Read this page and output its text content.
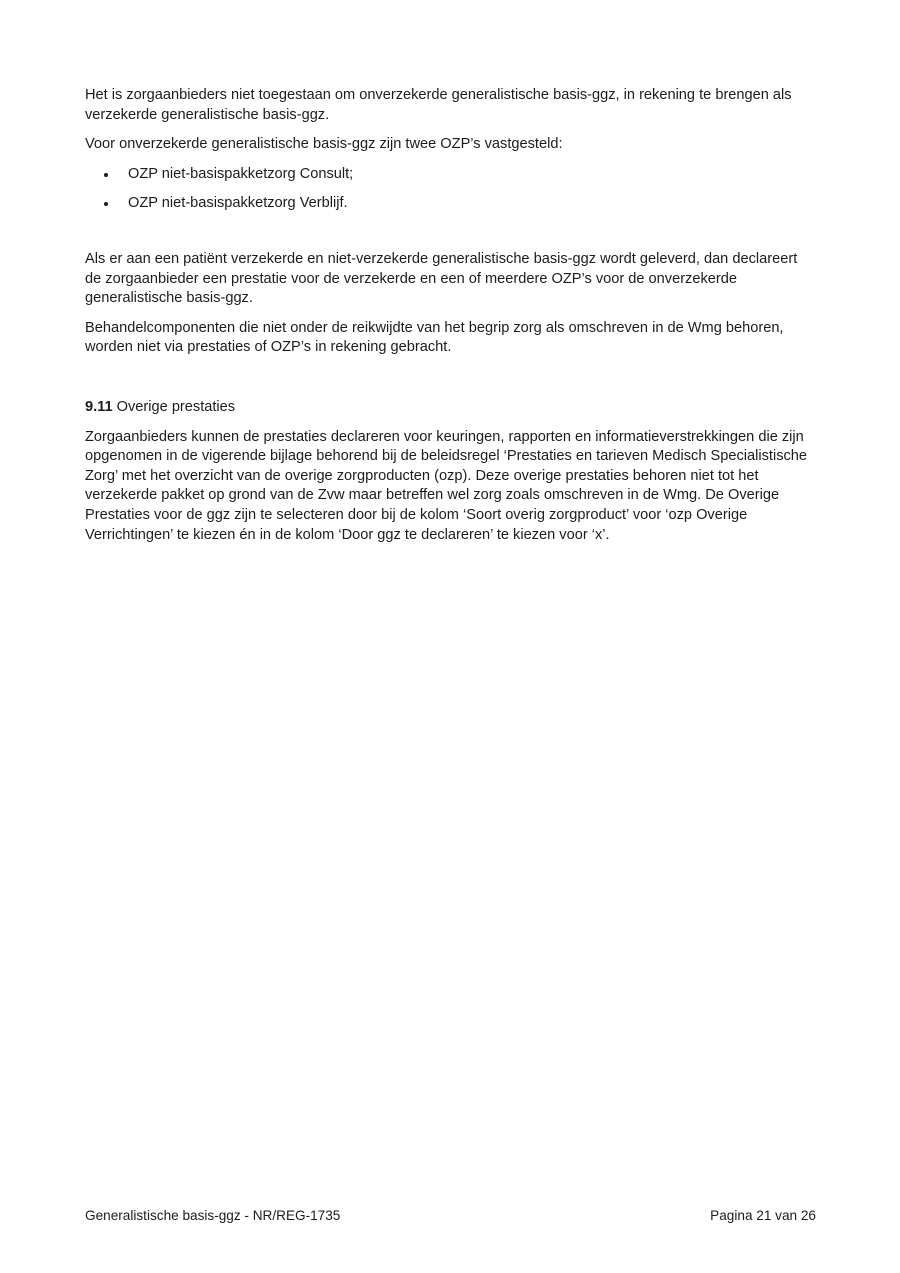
Het is zorgaanbieders niet toegestaan om onverzekerde generalistische basis-ggz, in rekening te brengen als verzekerde generalistische basis-ggz.

Voor onverzekerde generalistische basis-ggz zijn twee OZP’s vastgesteld:

OZP niet-basispakketzorg Consult;
OZP niet-basispakketzorg Verblijf.

Als er aan een patiënt verzekerde en niet-verzekerde generalistische basis-ggz wordt geleverd, dan declareert de zorgaanbieder een prestatie voor de verzekerde en een of meerdere OZP’s voor de onverzekerde generalistische basis-ggz.

Behandelcomponenten die niet onder de reikwijdte van het begrip zorg als omschreven in de Wmg behoren, worden niet via prestaties of OZP’s in rekening gebracht.

9.11 Overige prestaties

Zorgaanbieders kunnen de prestaties declareren voor keuringen, rapporten en informatieverstrekkingen die zijn opgenomen in de vigerende bijlage behorend bij de beleidsregel ‘Prestaties en tarieven Medisch Specialistische Zorg’ met het overzicht van de overige zorgproducten (ozp). Deze overige prestaties behoren niet tot het verzekerde pakket op grond van de Zvw maar betreffen wel zorg zoals omschreven in de Wmg. De Overige Prestaties voor de ggz zijn te selecteren door bij de kolom ‘Soort overig zorgproduct’ voor ‘ozp Overige Verrichtingen’ te kiezen én in de kolom ‘Door ggz te declareren’ te kiezen voor ‘x’.

Generalistische basis-ggz - NR/REG-1735	Pagina 21 van 26
